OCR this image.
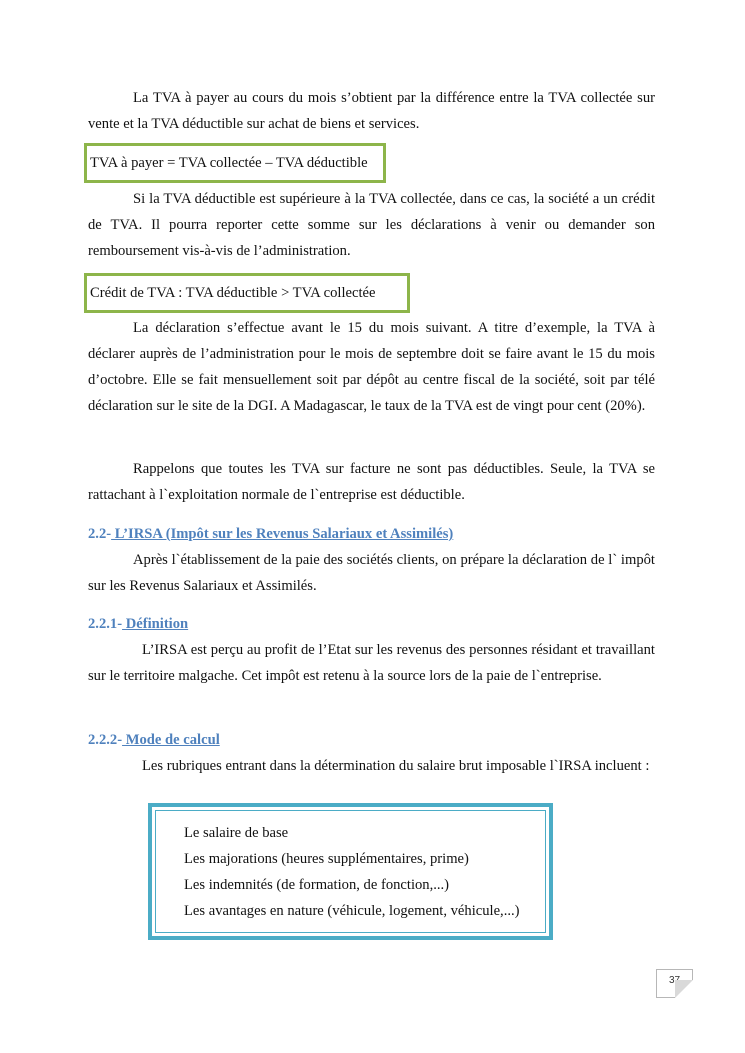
La TVA à payer au cours du mois s’obtient par la différence entre la TVA collectée sur vente et la TVA déductible sur achat de biens et services.

TVA à payer = TVA collectée – TVA déductible

Si la TVA déductible est supérieure à la TVA collectée, dans ce cas, la société a un crédit de TVA. Il pourra reporter cette somme sur les déclarations à venir ou demander son remboursement vis-à-vis de l’administration.

Crédit de TVA : TVA déductible > TVA collectée

La déclaration s’effectue avant le 15 du mois suivant. A titre d’exemple, la TVA à déclarer auprès de l’administration pour le mois de septembre doit se faire avant le 15 du mois d’octobre. Elle se fait mensuellement soit par dépôt au centre fiscal de la société, soit par télé déclaration sur le site de la DGI. A Madagascar, le taux de la TVA est de vingt pour cent (20%).

Rappelons que toutes les TVA sur facture ne sont pas déductibles. Seule, la TVA se rattachant à l`exploitation normale de l`entreprise est déductible.

2.2- L’IRSA (Impôt sur les Revenus Salariaux et Assimilés)

Après l`établissement de la paie des sociétés clients, on prépare la déclaration de l` impôt sur les Revenus Salariaux et Assimilés.

2.2.1- Définition

L’IRSA est perçu au profit de l’Etat sur les revenus des personnes résidant et travaillant sur le territoire malgache. Cet impôt est retenu à la source lors de la paie de l`entreprise.

2.2.2- Mode de calcul

Les rubriques entrant dans la détermination du salaire brut imposable l`IRSA incluent :

Le salaire de base
Les majorations (heures supplémentaires, prime)
Les indemnités (de formation, de fonction,...)
Les avantages en nature (véhicule, logement, véhicule,...)
37
